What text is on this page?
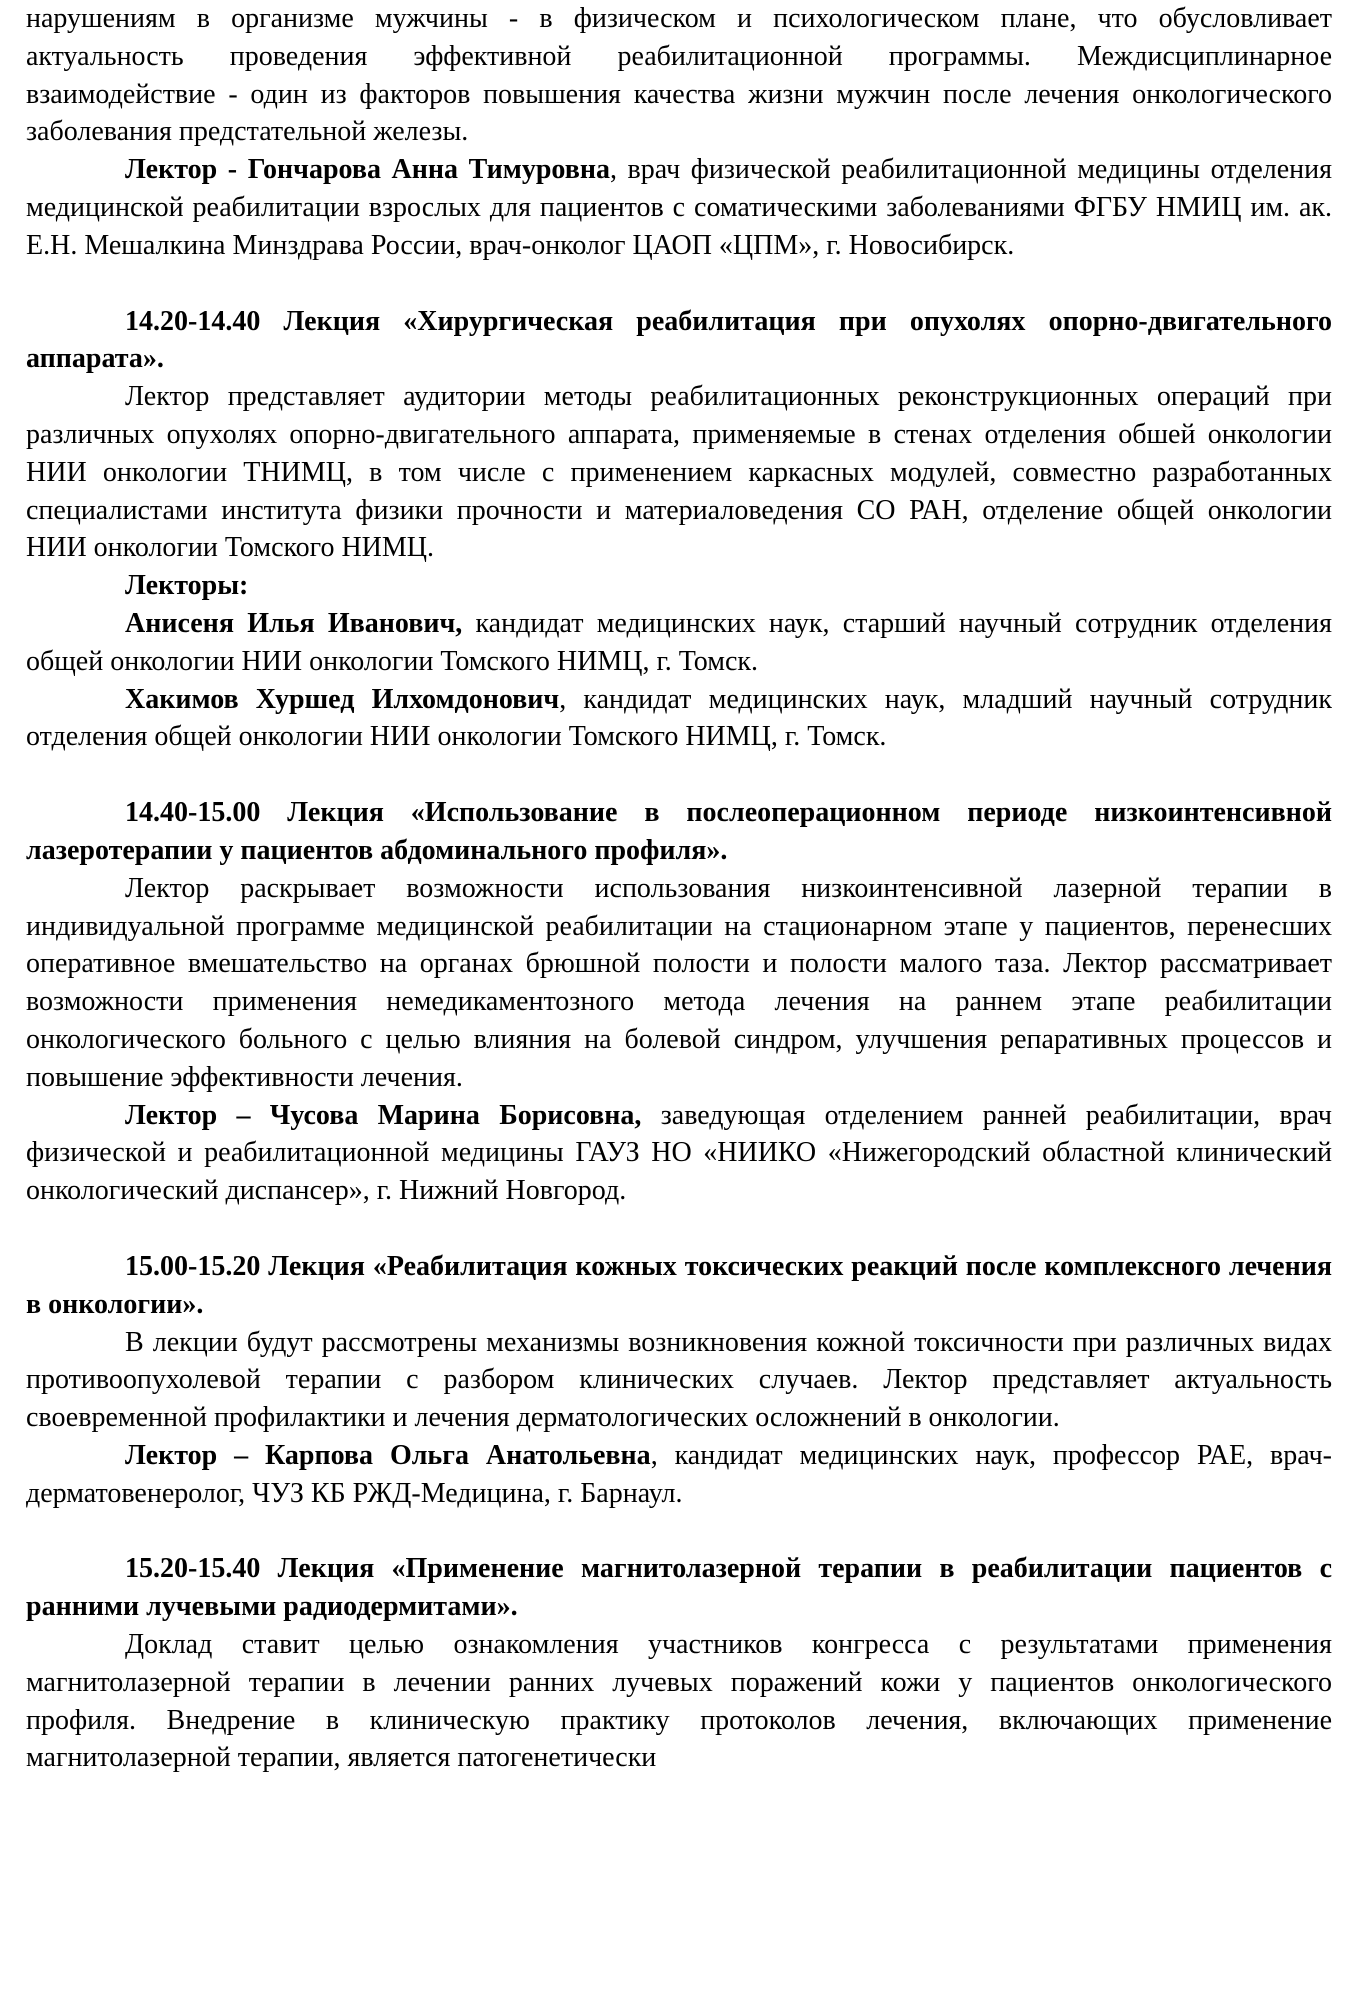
нарушениям в организме мужчины - в физическом и психологическом плане, что обусловливает актуальность проведения эффективной реабилитационной программы. Междисциплинарное взаимодействие - один из факторов повышения качества жизни мужчин после лечения онкологического заболевания предстательной железы.

Лектор - Гончарова Анна Тимуровна, врач физической реабилитационной медицины отделения медицинской реабилитации взрослых для пациентов с соматическими заболеваниями ФГБУ НМИЦ им. ак. Е.Н. Мешалкина Минздрава России, врач-онколог ЦАОП «ЦПМ», г. Новосибирск.

14.20-14.40 Лекция «Хирургическая реабилитация при опухолях опорно-двигательного аппарата».

Лектор представляет аудитории методы реабилитационных реконструкционных операций при различных опухолях опорно-двигательного аппарата, применяемые в стенах отделения обшей онкологии НИИ онкологии ТНИМЦ, в том числе с применением каркасных модулей, совместно разработанных специалистами института физики прочности и материаловедения СО РАН, отделение общей онкологии НИИ онкологии Томского НИМЦ.

Лекторы:

Анисеня Илья Иванович, кандидат медицинских наук, старший научный сотрудник отделения общей онкологии НИИ онкологии Томского НИМЦ, г. Томск.

Хакимов Хуршед Илхомдонович, кандидат медицинских наук, младший научный сотрудник отделения общей онкологии НИИ онкологии Томского НИМЦ, г. Томск.

14.40-15.00 Лекция «Использование в послеоперационном периоде низкоинтенсивной лазеротерапии у пациентов абдоминального профиля».

Лектор раскрывает возможности использования низкоинтенсивной лазерной терапии в индивидуальной программе медицинской реабилитации на стационарном этапе у пациентов, перенесших оперативное вмешательство на органах брюшной полости и полости малого таза. Лектор рассматривает возможности применения немедикаментозного метода лечения на раннем этапе реабилитации онкологического больного с целью влияния на болевой синдром, улучшения репаративных процессов и повышение эффективности лечения.

Лектор – Чусова Марина Борисовна, заведующая отделением ранней реабилитации, врач физической и реабилитационной медицины ГАУЗ НО «НИИКО «Нижегородский областной клинический онкологический диспансер», г. Нижний Новгород.

15.00-15.20 Лекция «Реабилитация кожных токсических реакций после комплексного лечения в онкологии».

В лекции будут рассмотрены механизмы возникновения кожной токсичности при различных видах противоопухолевой терапии с разбором клинических случаев. Лектор представляет актуальность своевременной профилактики и лечения дерматологических осложнений в онкологии.

Лектор – Карпова Ольга Анатольевна, кандидат медицинских наук, профессор РАЕ, врач-дерматовенеролог, ЧУЗ КБ РЖД-Медицина, г. Барнаул.

15.20-15.40 Лекция «Применение магнитолазерной терапии в реабилитации пациентов с ранними лучевыми радиодермитами».

Доклад ставит целью ознакомления участников конгресса с результатами применения магнитолазерной терапии в лечении ранних лучевых поражений кожи у пациентов онкологического профиля. Внедрение в клиническую практику протоколов лечения, включающих применение магнитолазерной терапии, является патогенетически
